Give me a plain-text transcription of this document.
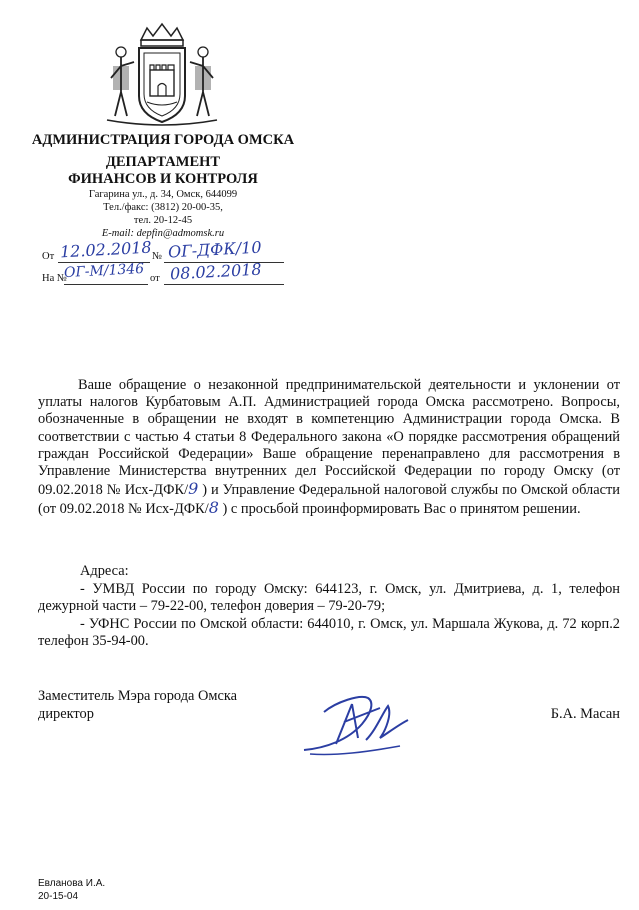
АДМИНИСТРАЦИЯ ГОРОДА ОМСКА
ДЕПАРТАМЕНТ
ФИНАНСОВ И КОНТРОЛЯ
Гагарина ул., д. 34, Омск, 644099
Тел./факс: (3812) 20-00-35,
тел. 20-12-45
E-mail: depfin@admomsk.ru
От 12.02.2018 № ОГ-ДФК/10
На №
ОГ-М/1346 от 08.02.2018
Ваше обращение о незаконной предпринимательской деятельности и уклонении от уплаты налогов Курбатовым А.П. Администрацией города Омска рассмотрено. Вопросы, обозначенные в обращении не входят в компетенцию Администрации города Омска. В соответствии с частью 4 статьи 8 Федерального закона «О порядке рассмотрения обращений граждан Российской Федерации» Ваше обращение перенаправлено для рассмотрения в Управление Министерства внутренних дел Российской Федерации по городу Омску (от 09.02.2018 № Исх-ДФК/9 ) и Управление Федеральной налоговой службы по Омской области (от 09.02.2018 № Исх-ДФК/8 ) с просьбой проинформировать Вас о принятом решении.
Адреса:
- УМВД России по городу Омску: 644123, г. Омск, ул. Дмитриева, д. 1, телефон дежурной части – 79-22-00, телефон доверия – 79-20-79;
- УФНС России по Омской области: 644010, г. Омск, ул. Маршала Жукова, д. 72 корп.2 телефон 35-94-00.
Заместитель Мэра города Омска
директор	Б.А. Масан
Евланова И.А.
20-15-04
